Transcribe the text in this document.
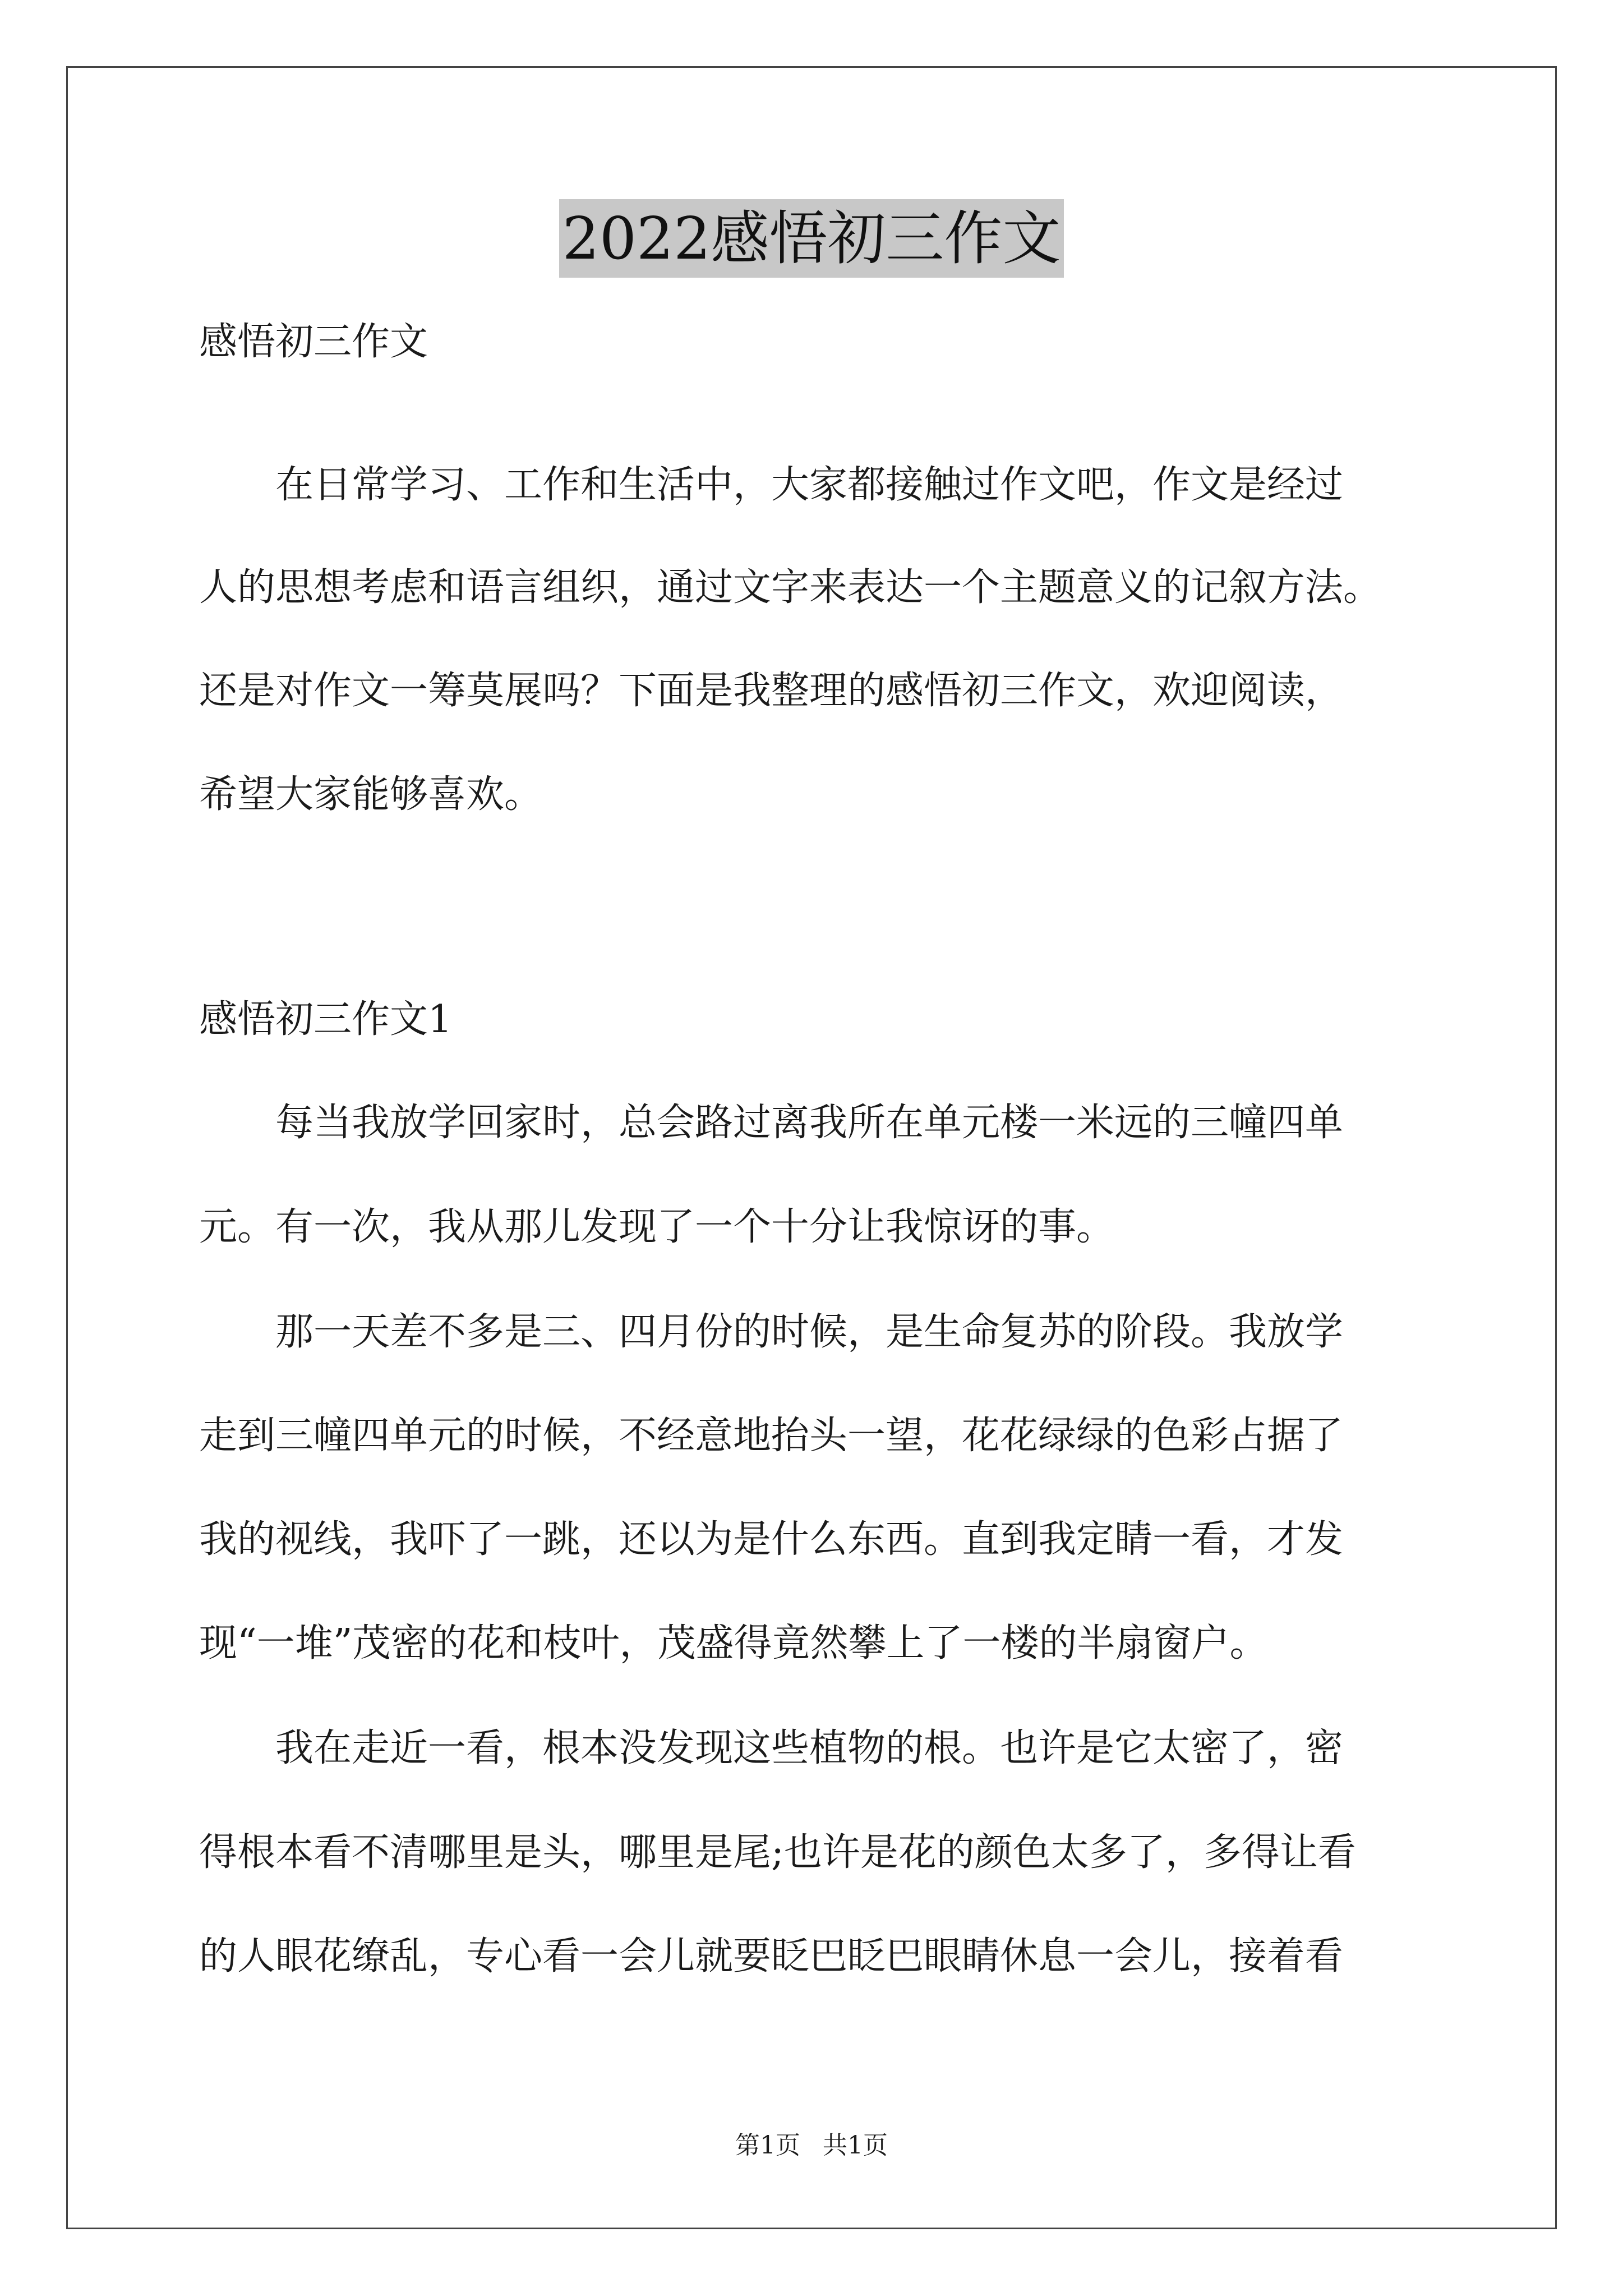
2022感悟初三作文
感悟初三作文
　　在日常学习、工作和生活中，大家都接触过作文吧，作文是经过
人的思想考虑和语言组织，通过文字来表达一个主题意义的记叙方法。
还是对作文一筹莫展吗？下面是我整理的感悟初三作文，欢迎阅读，
希望大家能够喜欢。
感悟初三作文1
　　每当我放学回家时，总会路过离我所在单元楼一米远的三幢四单
元。有一次，我从那儿发现了一个十分让我惊讶的事。
　　那一天差不多是三、四月份的时候，是生命复苏的阶段。我放学
走到三幢四单元的时候，不经意地抬头一望，花花绿绿的色彩占据了
我的视线，我吓了一跳，还以为是什么东西。直到我定睛一看，才发
现“一堆”茂密的花和枝叶，茂盛得竟然攀上了一楼的半扇窗户。
　　我在走近一看，根本没发现这些植物的根。也许是它太密了，密
得根本看不清哪里是头，哪里是尾;也许是花的颜色太多了，多得让看
的人眼花缭乱，专心看一会儿就要眨巴眨巴眼睛休息一会儿，接着看
第1页 共1页
